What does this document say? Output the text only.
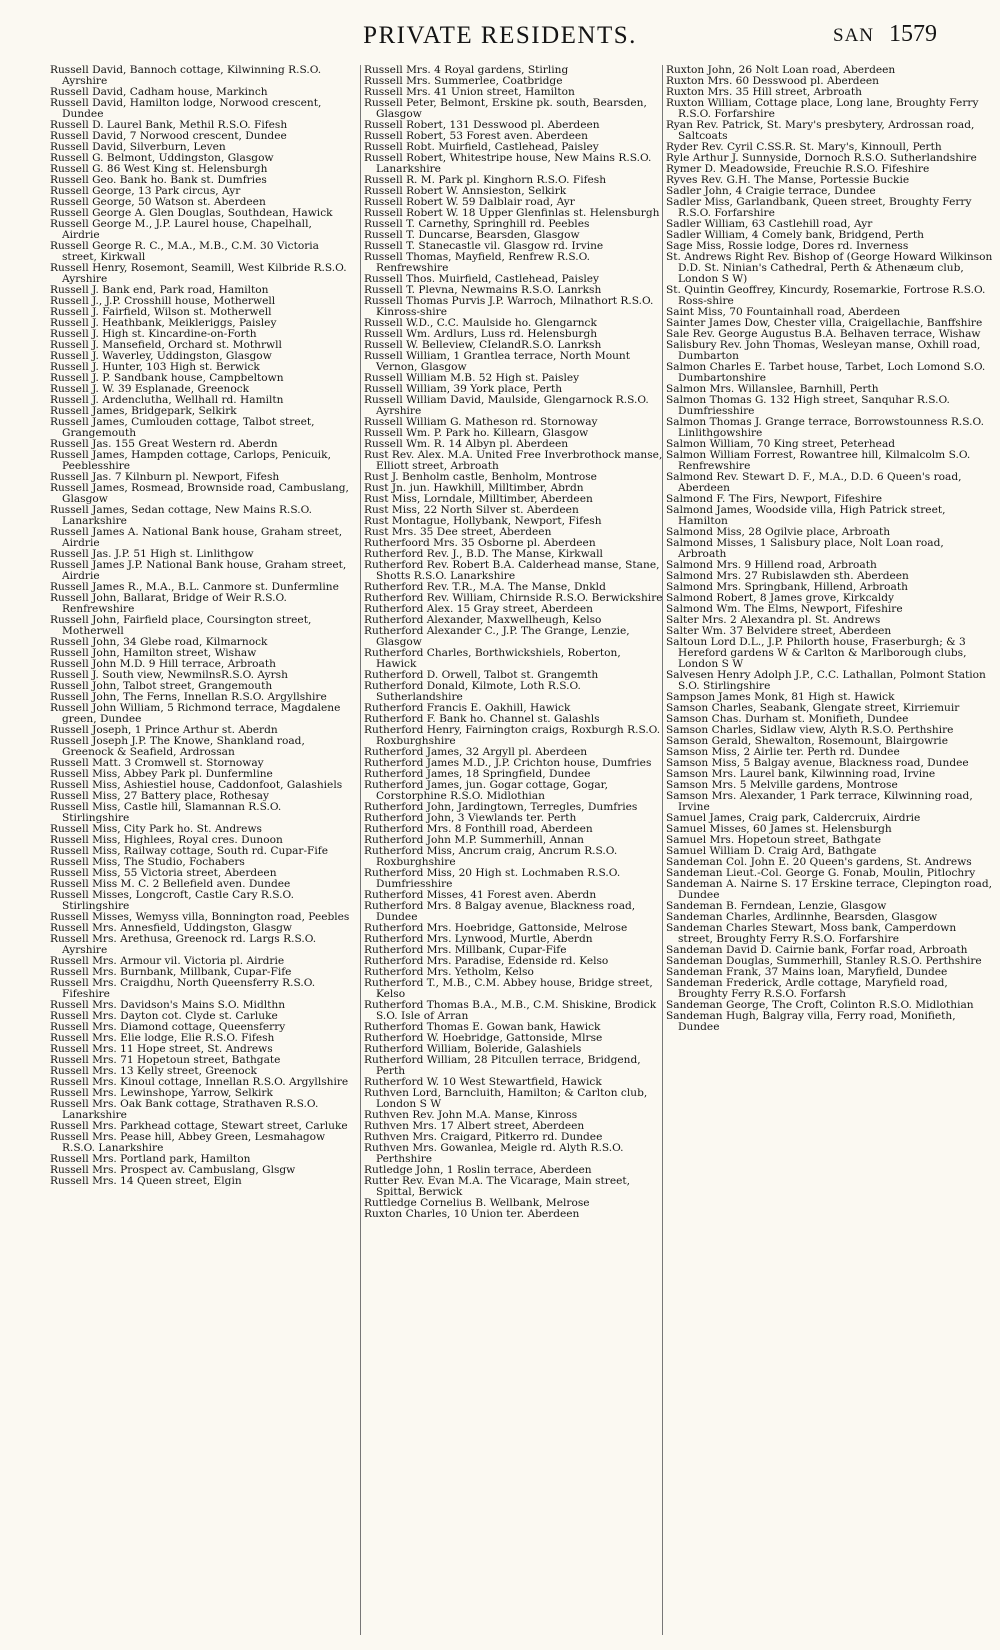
PRIVATE RESIDENTS.	SAN 1579
Russell David, Bannoch cottage, Kilwinning R.S.O. Ayrshire
Russell David, Cadham house, Markinch
Russell David, Hamilton lodge, Norwood crescent, Dundee
Russell D. Laurel Bank, Methil R.S.O. Fifesh
Russell David, 7 Norwood crescent, Dundee
Russell David, Silverburn, Leven
Russell G. Belmont, Uddingston, Glasgow
Russell G. 86 West King st. Helensburgh
Russell Geo. Bank ho. Bank st. Dumfries
Russell George, 13 Park circus, Ayr
Russell George, 50 Watson st. Aberdeen
Russell George A. Glen Douglas, Southdean, Hawick
Russell George M., J.P. Laurel house, Chapelhall, Airdrie
Russell George R. C., M.A., M.B., C.M. 30 Victoria street, Kirkwall
Russell Henry, Rosemont, Seamill, West Kilbride R.S.O. Ayrshire
Russell J. Bank end, Park road, Hamilton
Russell J., J.P. Crosshill house, Motherwell
Russell J. Fairfield, Wilson st. Motherwell
Russell J. Heathbank, Meikleriggs, Paisley
Russell J. High st. Kincardine-on-Forth
Russell J. Mansefield, Orchard st. Mothrwll
Russell J. Waverley, Uddingston, Glasgow
Russell J. Hunter, 103 High st. Berwick
Russell J. P. Sandbank house, Campbeltown
Russell J. W. 39 Esplanade, Greenock
Russell J. Ardenclutha, Wellhall rd. Hamiltn
Russell James, Bridgepark, Selkirk
Russell James, Cumlouden cottage, Talbot street, Grangemouth
Russell Jas. 155 Great Western rd. Aberdn
Russell James, Hampden cottage, Carlops, Penicuik, Peeblesshire
Russell Jas. 7 Kilnburn pl. Newport, Fifesh
Russell James, Rosmead, Brownside road, Cambuslang, Glasgow
Russell James, Sedan cottage, New Mains R.S.O. Lanarkshire
Russell James A. National Bank house, Graham street, Airdrie
Russell Jas. J.P. 51 High st. Linlithgow
Russell James J.P. National Bank house, Graham street, Airdrie
Russell James R., M.A., B.L. Canmore st. Dunfermline
Russell John, Ballarat, Bridge of Weir R.S.O. Renfrewshire
Russell John, Fairfield place, Coursington street, Motherwell
Russell John, 34 Glebe road, Kilmarnock
Russell John, Hamilton street, Wishaw
Russell John M.D. 9 Hill terrace, Arbroath
Russell J. South view, NewmilnsR.S.O. Ayrsh
Russell John, Talbot street, Grangemouth
Russell John, The Ferns, Innellan R.S.O. Argyllshire
Russell John William, 5 Richmond terrace, Magdalene green, Dundee
Russell Joseph, 1 Prince Arthur st. Aberdn
Russell Joseph J.P. The Knowe, Shankland road, Greenock & Seafield, Ardrossan
Russell Matt. 3 Cromwell st. Stornoway
Russell Miss, Abbey Park pl. Dunfermline
Russell Miss, Ashiestiel house, Caddonfoot, Galashiels
Russell Miss, 27 Battery place, Rothesay
Russell Miss, Castle hill, Slamannan R.S.O. Stirlingshire
Russell Miss, City Park ho. St. Andrews
Russell Miss, Highlees, Royal cres. Dunoon
Russell Miss, Railway cottage, South rd. Cupar-Fife
Russell Miss, The Studio, Fochabers
Russell Miss, 55 Victoria street, Aberdeen
Russell Miss M. C. 2 Bellefield aven. Dundee
Russell Misses, Longcroft, Castle Cary R.S.O. Stirlingshire
Russell Misses, Wemyss villa, Bonnington road, Peebles
Russell Mrs. Annesfield, Uddingston, Glasgw
Russell Mrs. Arethusa, Greenock rd. Largs R.S.O. Ayrshire
Russell Mrs. Armour vil. Victoria pl. Airdrie
Russell Mrs. Burnbank, Millbank, Cupar-Fife
Russell Mrs. Craigdhu, North Queensferry R.S.O. Fifeshire
Russell Mrs. Davidson's Mains S.O. Midlthn
Russell Mrs. Dayton cot. Clyde st. Carluke
Russell Mrs. Diamond cottage, Queensferry
Russell Mrs. Elie lodge, Elie R.S.O. Fifesh
Russell Mrs. 11 Hope street, St. Andrews
Russell Mrs. 71 Hopetoun street, Bathgate
Russell Mrs. 13 Kelly street, Greenock
Russell Mrs. Kinoul cottage, Innellan R.S.O. Argyllshire
Russell Mrs. Lewinshope, Yarrow, Selkirk
Russell Mrs. Oak Bank cottage, Strathaven R.S.O. Lanarkshire
Russell Mrs. Parkhead cottage, Stewart street, Carluke
Russell Mrs. Pease hill, Abbey Green, Lesmahagow R.S.O. Lanarkshire
Russell Mrs. Portland park, Hamilton
Russell Mrs. Prospect av. Cambuslang, Glsgw
Russell Mrs. 14 Queen street, Elgin
Russell Mrs. 4 Royal gardens, Stirling
Russell Mrs. Summerlee, Coatbridge
Russell Mrs. 41 Union street, Hamilton
Russell Peter, Belmont, Erskine pk. south, Bearsden, Glasgow
Russell Robert, 131 Desswood pl. Aberdeen
Russell Robert, 53 Forest aven. Aberdeen
Russell Robt. Muirfield, Castlehead, Paisley
Russell Robert, Whitestripe house, New Mains R.S.O. Lanarkshire
Russell R. M. Park pl. Kinghorn R.S.O. Fifesh
Russell Robert W. Annsieston, Selkirk
Russell Robert W. 59 Dalblair road, Ayr
Russell Robert W. 18 Upper Glenfinlas st. Helensburgh
Russell T. Carnethy, Springhill rd. Peebles
Russell T. Duncarse, Bearsden, Glasgow
Russell T. Stanecastle vil. Glasgow rd. Irvine
Russell Thomas, Mayfield, Renfrew R.S.O. Renfrewshire
Russell Thos. Muirfield, Castlehead, Paisley
Russell T. Plevna, Newmains R.S.O. Lanrksh
Russell Thomas Purvis J.P. Warroch, Milnathort R.S.O. Kinross-shire
Russell W.D., C.C. Maulside ho. Glengarnck
Russell Wm. Ardlurs, Luss rd. Helensburgh
Russell W. Belleview, CIelandR.S.O. Lanrksh
Russell William, 1 Grantlea terrace, North Mount Vernon, Glasgow
Russell William M.B. 52 High st. Paisley
Russell William, 39 York place, Perth
Russell William David, Maulside, Glengarnock R.S.O. Ayrshire
Russell William G. Matheson rd. Stornoway
Russell Wm. P. Park ho. Killearn, Glasgow
Russell Wm. R. 14 Albyn pl. Aberdeen
Rust Rev. Alex. M.A. United Free Inverbrothock manse, Elliott street, Arbroath
Rust J. Benholm castle, Benholm, Montrose
Rust Jn. jun. Hawkhill, Milltimber, Abrdn
Rust Miss, Lorndale, Milltimber, Aberdeen
Rust Miss, 22 North Silver st. Aberdeen
Rust Montague, Hollybank, Newport, Fifesh
Rust Mrs. 35 Dee street, Aberdeen
Rutherfoord Mrs. 35 Osborne pl. Aberdeen
Rutherford Rev. J., B.D. The Manse, Kirkwall
Rutherford Rev. Robert B.A. Calderhead manse, Stane, Shotts R.S.O. Lanarkshire
Rutherford Rev. T.R., M.A. The Manse, Dnkld
Rutherford Rev. William, Chirnside R.S.O. Berwickshire
Rutherford Alex. 15 Gray street, Aberdeen
Rutherford Alexander, Maxwellheugh, Kelso
Rutherford Alexander C., J.P. The Grange, Lenzie, Glasgow
Rutherford Charles, Borthwickshiels, Roberton, Hawick
Rutherford D. Orwell, Talbot st. Grangemth
Rutherford Donald, Kilmote, Loth R.S.O. Sutherlandshire
Rutherford Francis E. Oakhill, Hawick
Rutherford F. Bank ho. Channel st. Galashls
Rutherford Henry, Fairnington craigs, Roxburgh R.S.O. Roxburghshire
Rutherford James, 32 Argyll pl. Aberdeen
Rutherford James M.D., J.P. Crichton house, Dumfries
Rutherford James, 18 Springfield, Dundee
Rutherford James, jun. Gogar cottage, Gogar, Corstorphine R.S.O. Midlothian
Rutherford John, Jardingtown, Terregles, Dumfries
Rutherford John, 3 Viewlands ter. Perth
Rutherford Mrs. 8 Fonthill road, Aberdeen
Rutherford John M.P. Summerhill, Annan
Rutherford Miss, Ancrum craig, Ancrum R.S.O. Roxburghshire
Rutherford Miss, 20 High st. Lochmaben R.S.O. Dumfriesshire
Rutherford Misses, 41 Forest aven. Aberdn
Rutherford Mrs. 8 Balgay avenue, Blackness road, Dundee
Rutherford Mrs. Hoebridge, Gattonside, Melrose
Rutherford Mrs. Lynwood, Murtle, Aberdn
Rutherford Mrs. Millbank, Cupar-Fife
Rutherford Mrs. Paradise, Edenside rd. Kelso
Rutherford Mrs. Yetholm, Kelso
Rutherford T., M.B., C.M. Abbey house, Bridge street, Kelso
Rutherford Thomas B.A., M.B., C.M. Shiskine, Brodick S.O. Isle of Arran
Rutherford Thomas E. Gowan bank, Hawick
Rutherford W. Hoebridge, Gattonside, Mlrse
Rutherford William, Boleride, Galashiels
Rutherford William, 28 Pitcullen terrace, Bridgend, Perth
Rutherford W. 10 West Stewartfield, Hawick
Ruthven Lord, Barncluith, Hamilton; & Carlton club, London S W
Ruthven Rev. John M.A. Manse, Kinross
Ruthven Mrs. 17 Albert street, Aberdeen
Ruthven Mrs. Craigard, Pitkerro rd. Dundee
Ruthven Mrs. Gowanlea, Meigle rd. Alyth R.S.O. Perthshire
Rutledge John, 1 Roslin terrace, Aberdeen
Rutter Rev. Evan M.A. The Vicarage, Main street, Spittal, Berwick
Ruttledge Cornelius B. Wellbank, Melrose
Ruxton Charles, 10 Union ter. Aberdeen
Ruxton John, 26 Nolt Loan road, Aberdeen
Ruxton Mrs. 60 Desswood pl. Aberdeen
Ruxton Mrs. 35 Hill street, Arbroath
Ruxton William, Cottage place, Long lane, Broughty Ferry R.S.O. Forfarshire
Ryan Rev. Patrick, St. Mary's presbytery, Ardrossan road, Saltcoats
Ryder Rev. Cyril C.SS.R. St. Mary's, Kinnoull, Perth
Ryle Arthur J. Sunnyside, Dornoch R.S.O. Sutherlandshire
Rymer D. Meadowside, Freuchie R.S.O. Fifeshire
Ryves Rev. G.H. The Manse, Portessie Buckie
Sadler John, 4 Craigie terrace, Dundee
Sadler Miss, Garlandbank, Queen street, Broughty Ferry R.S.O. Forfarshire
Sadler William, 63 Castlehill road, Ayr
Sadler William, 4 Comely bank, Bridgend, Perth
Sage Miss, Rossie lodge, Dores rd. Inverness
St. Andrews Right Rev. Bishop of (George Howard Wilkinson D.D. St. Ninian's Cathedral, Perth & Athenæum club, London S W)
St. Quintin Geoffrey, Kincurdy, Rosemarkie, Fortrose R.S.O. Ross-shire
Saint Miss, 70 Fountainhall road, Aberdeen
Sainter James Dow, Chester villa, Craigellachie, Banffshire
Sale Rev. George Augustus B.A. Belhaven terrace, Wishaw
Salisbury Rev. John Thomas, Wesleyan manse, Oxhill road, Dumbarton
Salmon Charles E. Tarbet house, Tarbet, Loch Lomond S.O. Dumbartonshire
Salmon Mrs. Willanslee, Barnhill, Perth
Salmon Thomas G. 132 High street, Sanquhar R.S.O. Dumfriesshire
Salmon Thomas J. Grange terrace, Borrowstounness R.S.O. Linlithgowshire
Salmon William, 70 King street, Peterhead
Salmon William Forrest, Rowantree hill, Kilmalcolm S.O. Renfrewshire
Salmond Rev. Stewart D. F., M.A., D.D. 6 Queen's road, Aberdeen
Salmond F. The Firs, Newport, Fifeshire
Salmond James, Woodside villa, High Patrick street, Hamilton
Salmond Miss, 28 Ogilvie place, Arbroath
Salmond Misses, 1 Salisbury place, Nolt Loan road, Arbroath
Salmond Mrs. 9 Hillend road, Arbroath
Salmond Mrs. 27 Rubislawden sth. Aberdeen
Salmond Mrs. Springbank, Hillend, Arbroath
Salmond Robert, 8 James grove, Kirkcaldy
Salmond Wm. The Elms, Newport, Fifeshire
Salter Mrs. 2 Alexandra pl. St. Andrews
Salter Wm. 37 Belvidere street, Aberdeen
Saltoun Lord D.L., J.P. Philorth house, Fraserburgh; & 3 Hereford gardens W & Carlton & Marlborough clubs, London S W
Salvesen Henry Adolph J.P., C.C. Lathallan, Polmont Station S.O. Stirlingshire
Sampson James Monk, 81 High st. Hawick
Samson Charles, Seabank, Glengate street, Kirriemuir
Samson Chas. Durham st. Monifieth, Dundee
Samson Charles, Sidlaw view, Alyth R.S.O. Perthshire
Samson Gerald, Shewalton, Rosemount, Blairgowrie
Samson Miss, 2 Airlie ter. Perth rd. Dundee
Samson Miss, 5 Balgay avenue, Blackness road, Dundee
Samson Mrs. Laurel bank, Kilwinning road, Irvine
Samson Mrs. 5 Melville gardens, Montrose
Samson Mrs. Alexander, 1 Park terrace, Kilwinning road, Irvine
Samuel James, Craig park, Caldercruix, Airdrie
Samuel Misses, 60 James st. Helensburgh
Samuel Mrs. Hopetoun street, Bathgate
Samuel William D. Craig Ard, Bathgate
Sandeman Col. John E. 20 Queen's gardens, St. Andrews
Sandeman Lieut.-Col. George G. Fonab, Moulin, Pitlochry
Sandeman A. Nairne S. 17 Erskine terrace, Clepington road, Dundee
Sandeman B. Ferndean, Lenzie, Glasgow
Sandeman Charles, Ardlinnhe, Bearsden, Glasgow
Sandeman Charles Stewart, Moss bank, Camperdown street, Broughty Ferry R.S.O. Forfarshire
Sandeman David D. Cairnie bank, Forfar road, Arbroath
Sandeman Douglas, Summerhill, Stanley R.S.O. Perthshire
Sandeman Frank, 37 Mains loan, Maryfield, Dundee
Sandeman Frederick, Ardle cottage, Maryfield road, Broughty Ferry R.S.O. Forfarsh
Sandeman George, The Croft, Colinton R.S.O. Midlothian
Sandeman Hugh, Balgray villa, Ferry road, Monifieth, Dundee
